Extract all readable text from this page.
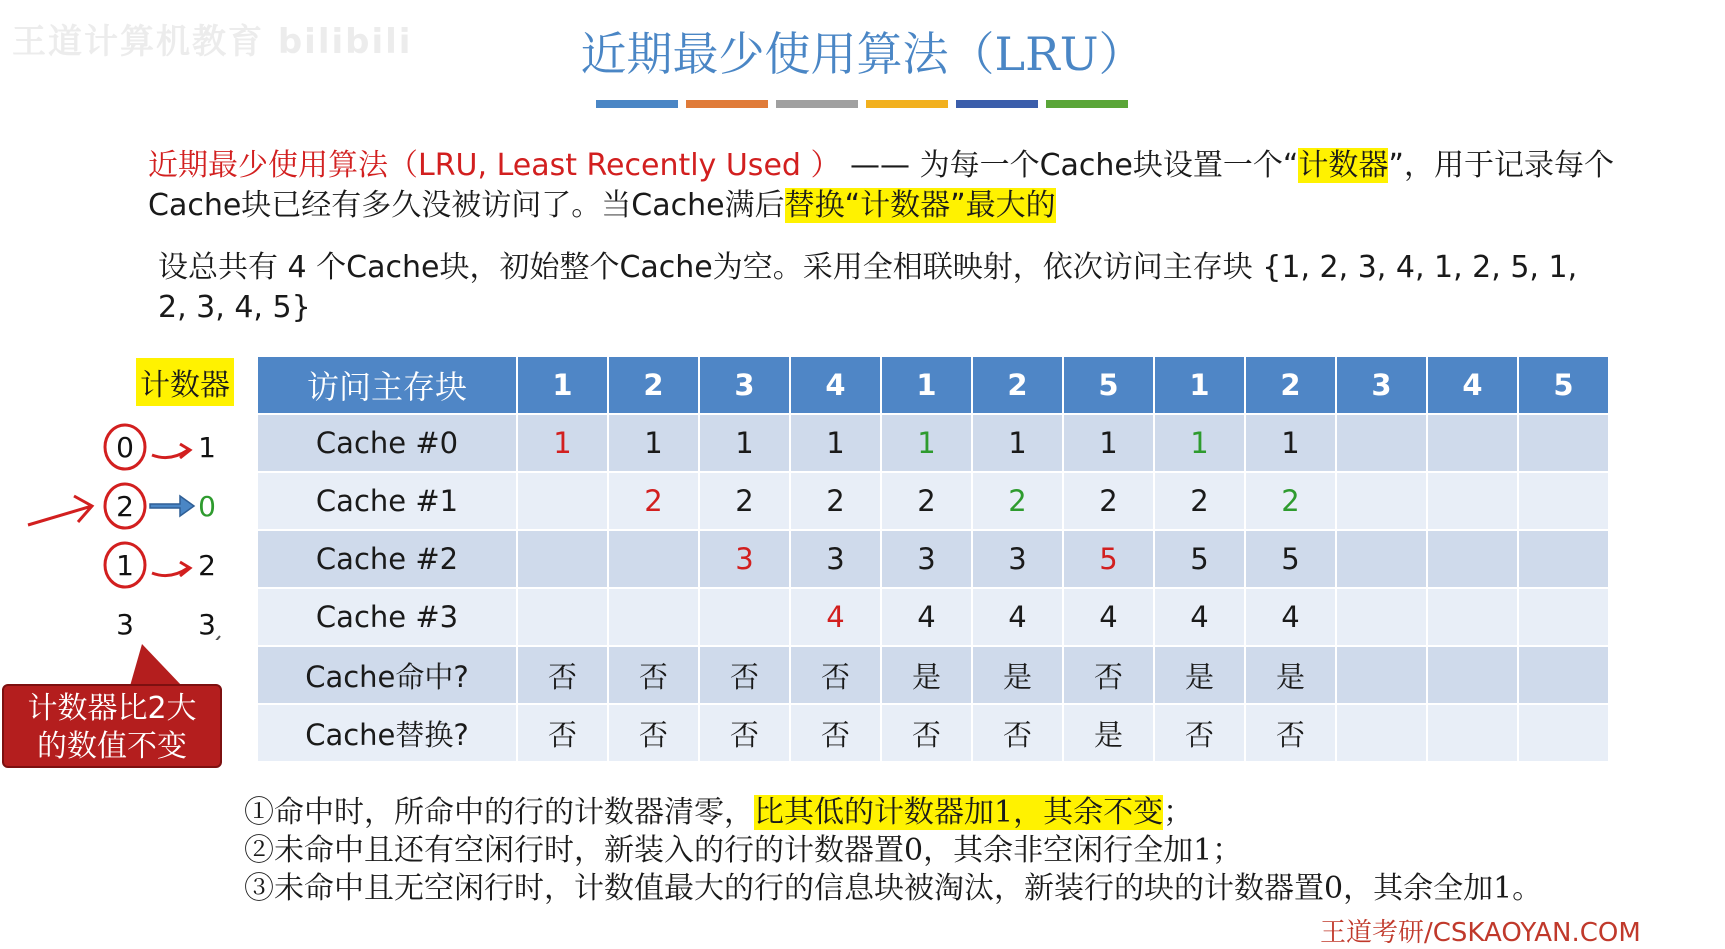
王道计算机教育 bilibili	近期最少使用算法（LRU）
近期最少使用算法（LRU, Least Recently Used ） —— 为每一个Cache块设置一个“计数器”，用于记录每个Cache块已经有多久没被访问了。当Cache满后替换“计数器”最大的
设总共有 4 个Cache块，初始整个Cache为空。采用全相联映射，依次访问主存块 {1, 2, 3, 4, 1, 2, 5, 1, 2, 3, 4, 5}
计数器
0
2
1
3
1
0
2
3
计数器比2大
的数值不变
访问主存块	1	2	3	4	1	2	5	1	2	3	4	5
Cache #0	1	1	1	1	1	1	1	1	1			
Cache #1		2	2	2	2	2	2	2	2			
Cache #2			3	3	3	3	5	5	5			
Cache #3				4	4	4	4	4	4			
Cache命中?	否	否	否	否	是	是	否	是	是			
Cache替换?	否	否	否	否	否	否	是	否	否			
①命中时，所命中的行的计数器清零，比其低的计数器加1，其余不变；
②未命中且还有空闲行时，新装入的行的计数器置0，其余非空闲行全加1；
③未命中且无空闲行时，计数值最大的行的信息块被淘汰，新装行的块的计数器置0，其余全加1。
王道考研/CSKAOYAN.COM
